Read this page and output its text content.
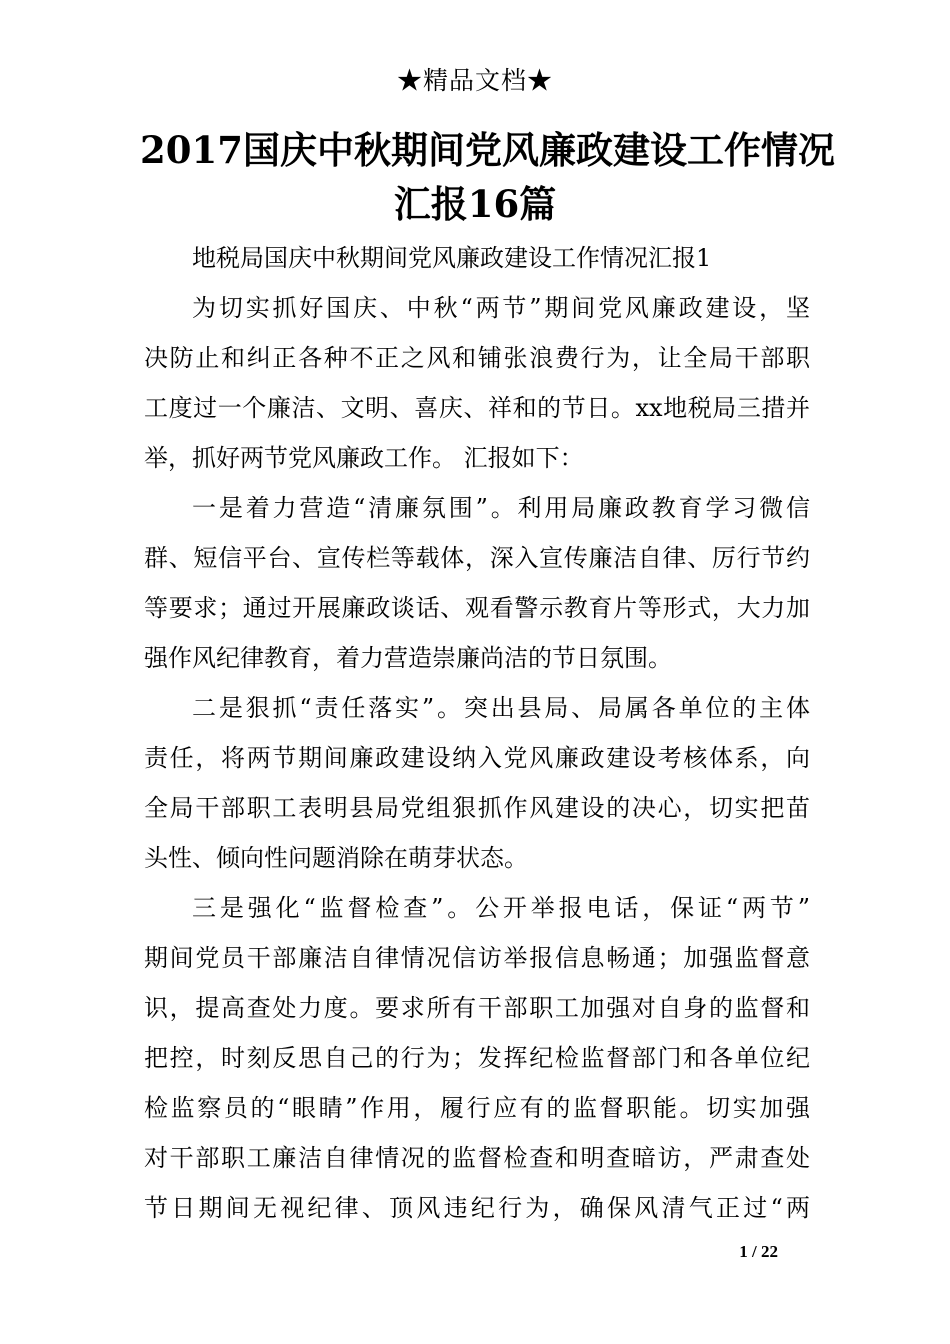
★精品文档★
2017国庆中秋期间党风廉政建设工作情况
汇报16篇

地税局国庆中秋期间党风廉政建设工作情况汇报1

为切实抓好国庆、中秋“两节”期间党风廉政建设，坚
决防止和纠正各种不正之风和铺张浪费行为，让全局干部职
工度过一个廉洁、文明、喜庆、祥和的节日。xx地税局三措并
举，抓好两节党风廉政工作。 汇报如下：

一是着力营造“清廉氛围”。利用局廉政教育学习微信
群、短信平台、宣传栏等载体，深入宣传廉洁自律、厉行节约
等要求；通过开展廉政谈话、观看警示教育片等形式，大力加
强作风纪律教育，着力营造崇廉尚洁的节日氛围。

二是狠抓“责任落实”。突出县局、局属各单位的主体
责任，将两节期间廉政建设纳入党风廉政建设考核体系，向
全局干部职工表明县局党组狠抓作风建设的决心，切实把苗
头性、倾向性问题消除在萌芽状态。

三是强化“监督检查”。公开举报电话，保证“两节”
期间党员干部廉洁自律情况信访举报信息畅通；加强监督意
识，提高查处力度。要求所有干部职工加强对自身的监督和
把控，时刻反思自己的行为；发挥纪检监督部门和各单位纪
检监察员的“眼睛”作用，履行应有的监督职能。切实加强
对干部职工廉洁自律情况的监督检查和明查暗访，严肃查处
节日期间无视纪律、顶风违纪行为，确保风清气正过“两

1 / 22
